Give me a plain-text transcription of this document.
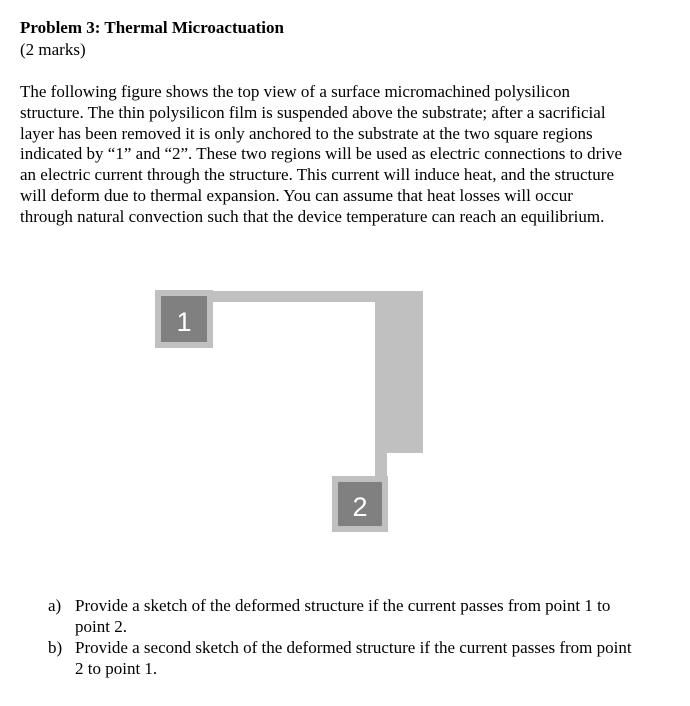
Problem 3: Thermal Microactuation
(2 marks)
The following figure shows the top view of a surface micromachined polysilicon
structure. The thin polysilicon film is suspended above the substrate; after a sacrificial
layer has been removed it is only anchored to the substrate at the two square regions
indicated by “1” and “2”. These two regions will be used as electric connections to drive
an electric current through the structure. This current will induce heat, and the structure
will deform due to thermal expansion. You can assume that heat losses will occur
through natural convection such that the device temperature can reach an equilibrium.
1
2
a) Provide a sketch of the deformed structure if the current passes from point 1 to
point 2.
b) Provide a second sketch of the deformed structure if the current passes from point
2 to point 1.
